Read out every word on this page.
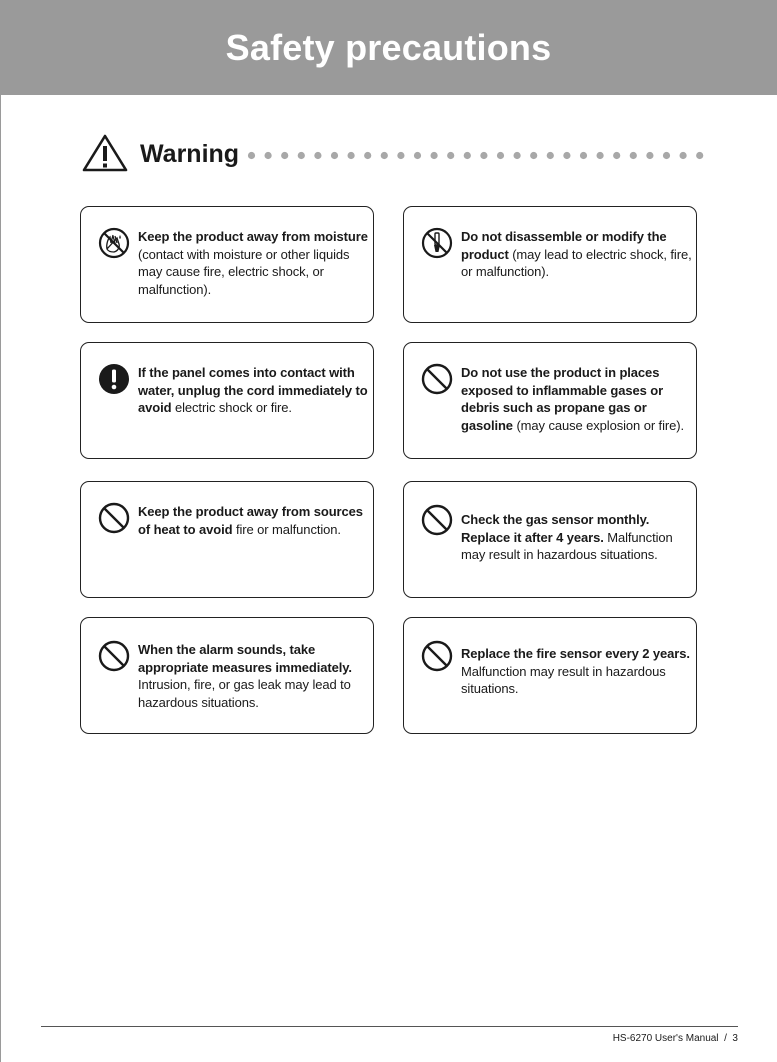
Safety precautions
Warning
Keep the product away from moisture (contact with moisture or other liquids may cause fire, electric shock, or malfunction).
Do not disassemble or modify the product (may lead to electric shock, fire, or malfunction).
If the panel comes into contact with water, unplug the cord immediately to avoid electric shock or fire.
Do not use the product in places exposed to inflammable gases or debris such as propane gas or gasoline (may cause explosion or fire).
Keep the product away from sources of heat to avoid fire or malfunction.
Check the gas sensor monthly. Replace it after 4 years. Malfunction may result in hazardous situations.
When the alarm sounds, take appropriate measures immediately. Intrusion, fire, or gas leak may lead to hazardous situations.
Replace the fire sensor every 2 years. Malfunction may result in hazardous situations.
HS-6270 User's Manual  /  3
